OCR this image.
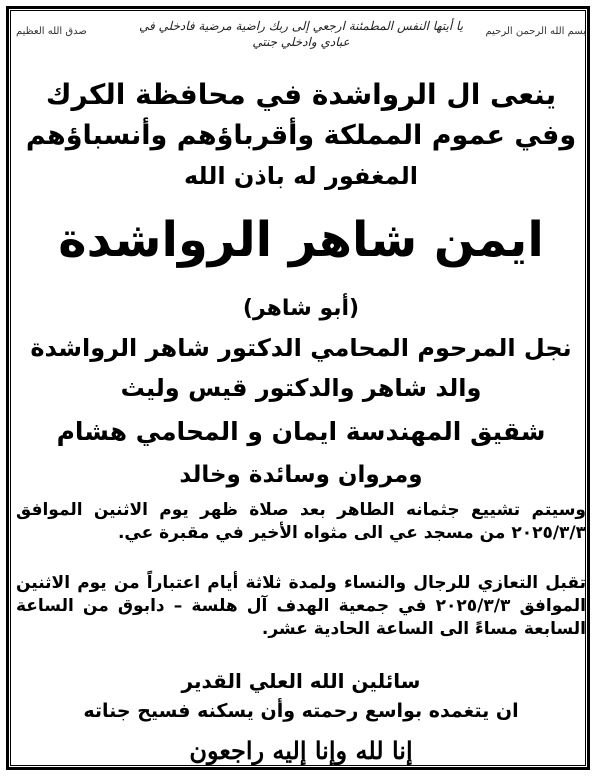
بسم الله الرحمن الرحيم
يا أيتها النفس المطمئنة ارجعي إلى ربك راضية مرضية فادخلي في عبادي وادخلي جنتي
صدق الله العظيم
ينعى ال الرواشدة في محافظة الكرك
وفي عموم المملكة وأقرباؤهم وأنسباؤهم
المغفور له باذن الله
ايمن شاهر الرواشدة
(أبو شاهر)
نجل المرحوم المحامي الدكتور شاهر الرواشدة
والد شاهر والدكتور قيس وليث
شقيق المهندسة ايمان و المحامي هشام
ومروان وسائدة وخالد
وسيتم تشييع جثمانه الطاهر بعد صلاة ظهر يوم الاثنين الموافق ٢٠٢٥/٣/٣ من مسجد عي الى مثواه الأخير في مقبرة عي.
تقبل التعازي للرجال والنساء ولمدة ثلاثة أيام اعتباراً من يوم الاثنين الموافق ٢٠٢٥/٣/٣ في جمعية الهدف آل هلسة – دابوق من الساعة السابعة مساءً الى الساعة الحادية عشر.
سائلين الله العلي القدير
ان يتغمده بواسع رحمته وأن يسكنه فسيح جناته
إنا لله وإنا إليه راجعون
